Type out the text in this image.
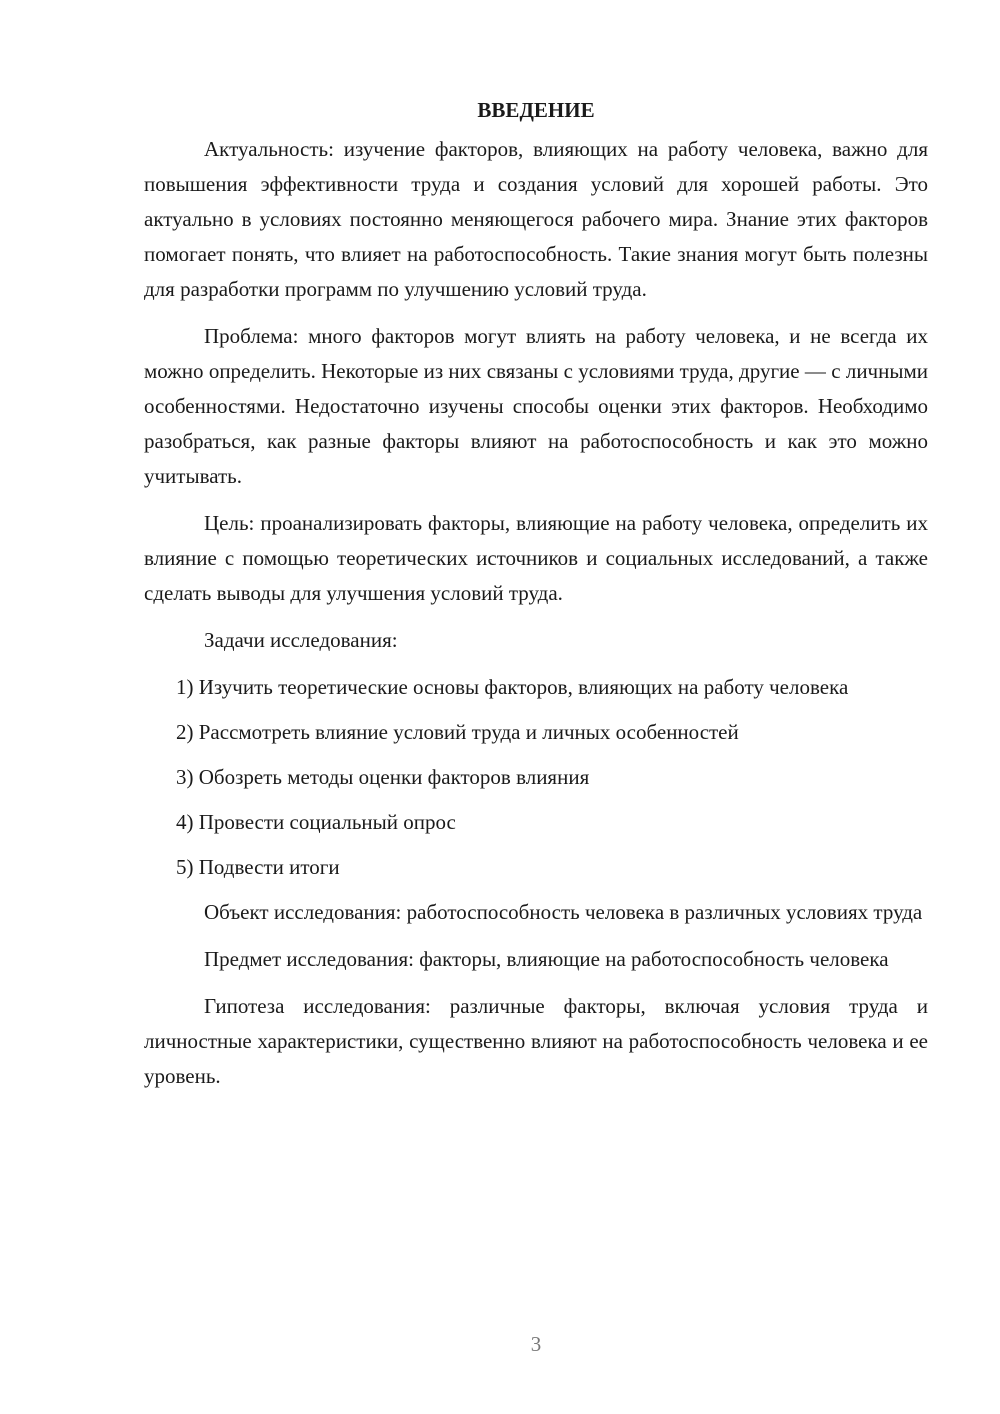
ВВЕДЕНИЕ

Актуальность: изучение факторов, влияющих на работу человека, важно для повышения эффективности труда и создания условий для хорошей работы. Это актуально в условиях постоянно меняющегося рабочего мира. Знание этих факторов помогает понять, что влияет на работоспособность. Такие знания могут быть полезны для разработки программ по улучшению условий труда.

Проблема: много факторов могут влиять на работу человека, и не всегда их можно определить. Некоторые из них связаны с условиями труда, другие — с личными особенностями. Недостаточно изучены способы оценки этих факторов. Необходимо разобраться, как разные факторы влияют на работоспособность и как это можно учитывать.

Цель: проанализировать факторы, влияющие на работу человека, определить их влияние с помощью теоретических источников и социальных исследований, а также сделать выводы для улучшения условий труда.

Задачи исследования:

1) Изучить теоретические основы факторов, влияющих на работу человека

2) Рассмотреть влияние условий труда и личных особенностей

3) Обозреть методы оценки факторов влияния

4) Провести социальный опрос

5) Подвести итоги

Объект исследования: работоспособность человека в различных условиях труда

Предмет исследования: факторы, влияющие на работоспособность человека

Гипотеза исследования: различные факторы, включая условия труда и личностные характеристики, существенно влияют на работоспособность человека и ее уровень.

3
